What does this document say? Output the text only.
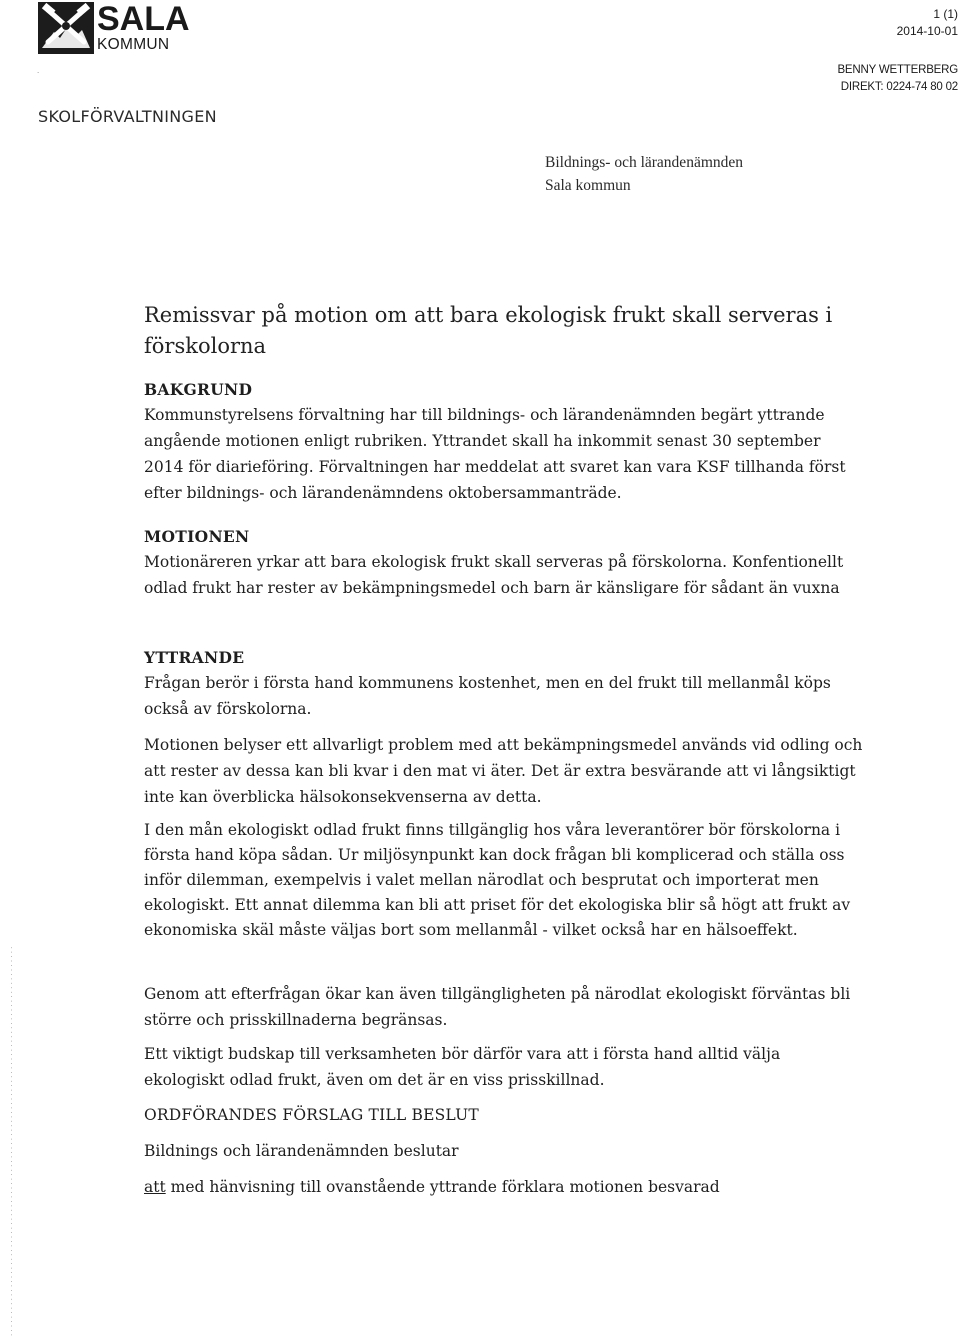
SALA
KOMMUN
·
1 (1)
2014-10-01
BENNY WETTERBERG
DIREKT: 0224-74 80 02
SKOLFÖRVALTNINGEN
Bildnings- och lärandenämnden
Sala kommun
Remissvar på motion om att bara ekologisk frukt skall serveras i förskolorna
BAKGRUND

Kommunstyrelsens förvaltning har till bildnings- och lärandenämnden begärt yttrande angående motionen enligt rubriken. Yttrandet skall ha inkommit senast 30 september 2014 för diarieföring. Förvaltningen har meddelat att svaret kan vara KSF tillhanda först efter bildnings- och lärandenämndens oktobersammanträde.

MOTIONEN

Motionäreren yrkar att bara ekologisk frukt skall serveras på förskolorna. Konfentionellt odlad frukt har rester av bekämpningsmedel och barn är känsligare för sådant än vuxna

YTTRANDE

Frågan berör i första hand kommunens kostenhet, men en del frukt till mellanmål köps också av förskolorna.

Motionen belyser ett allvarligt problem med att bekämpningsmedel används vid odling och att rester av dessa kan bli kvar i den mat vi äter. Det är extra besvärande att vi långsiktigt inte kan överblicka hälsokonsekvenserna av detta.

I den mån ekologiskt odlad frukt finns tillgänglig hos våra leverantörer bör förskolorna i första hand köpa sådan. Ur miljösynpunkt kan dock frågan bli komplicerad och ställa oss inför dilemman, exempelvis i valet mellan närodlat och besprutat och importerat men ekologiskt. Ett annat dilemma kan bli att priset för det ekologiska blir så högt att frukt av ekonomiska skäl måste väljas bort som mellanmål - vilket också har en hälsoeffekt.

Genom att efterfrågan ökar kan även tillgängligheten på närodlat ekologiskt förväntas bli större och prisskillnaderna begränsas.

Ett viktigt budskap till verksamheten bör därför vara att i första hand alltid välja ekologiskt odlad frukt, även om det är en viss prisskillnad.

ORDFÖRANDES FÖRSLAG TILL BESLUT
Bildnings och lärandenämnden beslutar
att med hänvisning till ovanstående yttrande förklara motionen besvarad
· · · · · · · · · · · · · · · · · · · · · · · · · · · · · · · · · · · · · · · · · · · · · · · · · · · · · · · · · · · · · · · · · · · · · · · · · · · · · · · · · · · · · · · ·
